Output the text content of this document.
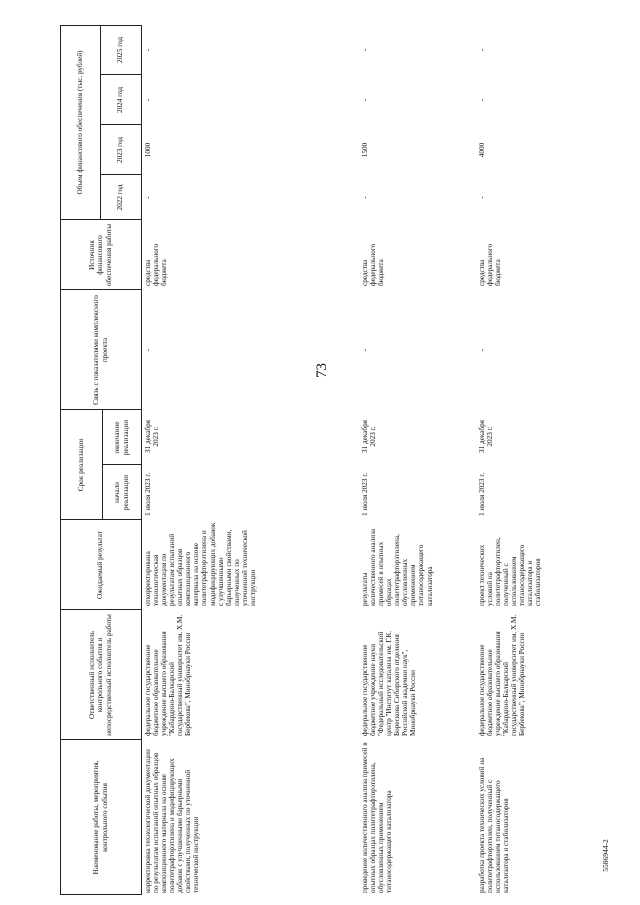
73
5586944-2
Наименование работы, мероприятия, контрольного события
Ответственный исполнитель контрольного события и непосредственный исполнитель работы
Ожидаемый результат
Срок реализации
начало реализации
окончание реализации
Связь с показателями комплексного проекта
Источник финансового обеспечения работы
Объем финансового обеспечения (тыс. рублей)
2022 год
2023 год
2024 год
2025 год
корректировка технологической документации по результатам испытаний опытных образцов композиционного материала на основе политетрафторэтилена и модифицирующих добавок с улучшенными барьерными свойствами, полученных по уточненной технической инструкции
федеральное государственное бюджетное образовательное учреждение высшего образования "Кабардино-Балкарский государственный университет им. Х.М. Бербекова", Минобрнауки России
откорректирована технологическая документация по результатам испытаний опытных образцов композиционного материала на основе политетрафторэтилена и модифицирующих добавок с улучшенными барьерными свойствами, полученных по уточненной технической инструкции
1 июля 2023 г.
31 декабря 2023 г.
-
средства федерального бюджета
-
1000
-
-
проведение количественного анализа примесей в опытных образцах политетрафторэтилена, обусловленных применением титаносодержащего катализатора
федеральное государственное бюджетное учреждение науки "Федеральный исследовательский центр "Институт катализа им. Г.К. Борескова Сибирского отделения Российской академии наук", Минобрнауки России
результаты количественного анализа примесей в опытных образцах политетрафторэтилена, обусловленных применением титаносодержащего катализатора
1 июля 2023 г.
31 декабря 2023 г.
-
средства федерального бюджета
-
1500
-
-
разработка проекта технических условий на политетрафторэтилен, полученный с использованием титаносодержащего катализатора и стабилизаторов
федеральное государственное бюджетное образовательное учреждение высшего образования "Кабардино-Балкарский государственный университет им. Х.М. Бербекова", Минобрнауки России
проект технических условий на политетрафторэтилен, полученный с использованием титаносодержащего катализатора и стабилизаторов
1 июля 2023 г.
31 декабря 2023 г.
-
средства федерального бюджета
-
4000
-
-
